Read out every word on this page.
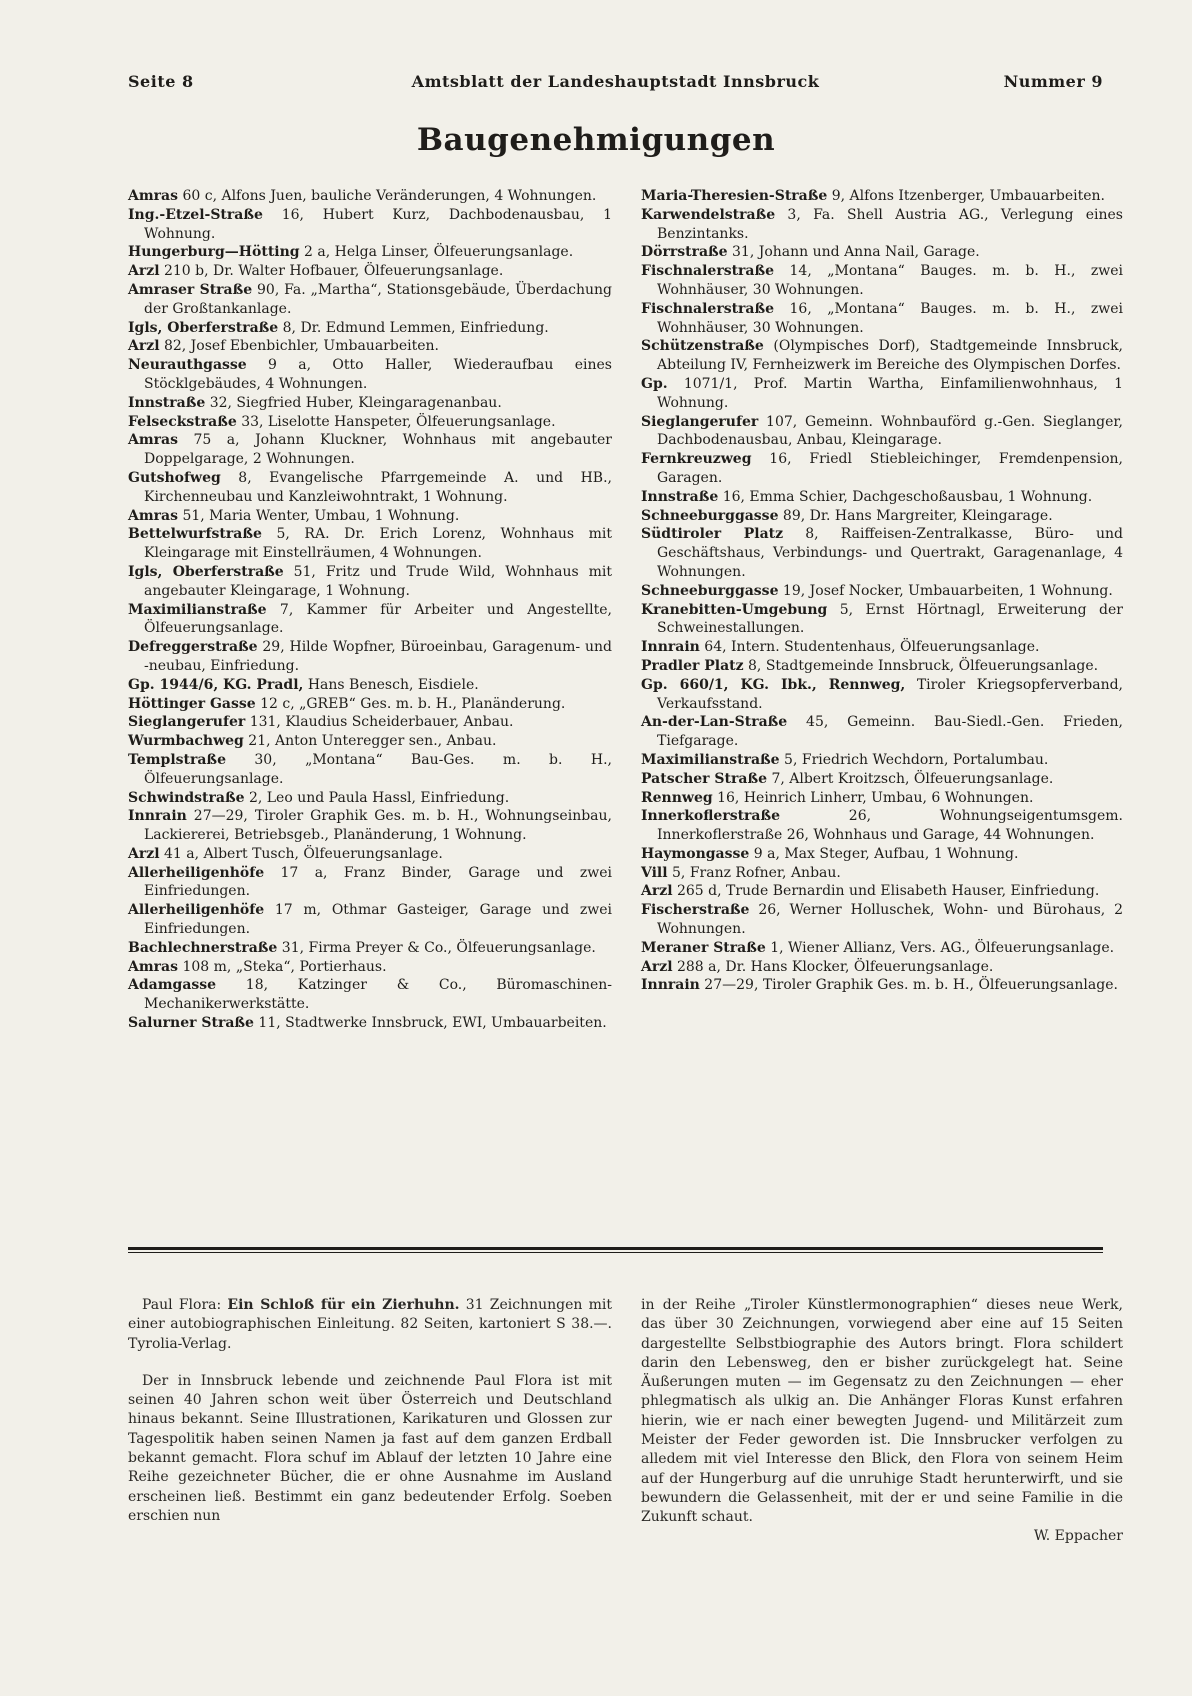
Seite 8	Amtsblatt der Landeshauptstadt Innsbruck	Nummer 9
Baugenehmigungen

Amras 60 c, Alfons Juen, bauliche Veränderungen, 4 Wohnungen.

Ing.-Etzel-Straße 16, Hubert Kurz, Dachbodenausbau, 1 Wohnung.

Hungerburg—Hötting 2 a, Helga Linser, Ölfeuerungsanlage.

Arzl 210 b, Dr. Walter Hofbauer, Ölfeuerungsanlage.

Amraser Straße 90, Fa. „Martha“, Stationsgebäude, Überdachung der Großtankanlage.

Igls, Oberferstraße 8, Dr. Edmund Lemmen, Einfriedung.

Arzl 82, Josef Ebenbichler, Umbauarbeiten.

Neurauthgasse 9 a, Otto Haller, Wiederaufbau eines Stöcklgebäudes, 4 Wohnungen.

Innstraße 32, Siegfried Huber, Kleingaragenanbau.

Felseckstraße 33, Liselotte Hanspeter, Ölfeuerungsanlage.

Amras 75 a, Johann Kluckner, Wohnhaus mit angebauter Doppelgarage, 2 Wohnungen.

Gutshofweg 8, Evangelische Pfarrgemeinde A. und HB., Kirchenneubau und Kanzleiwohntrakt, 1 Wohnung.

Amras 51, Maria Wenter, Umbau, 1 Wohnung.

Bettelwurfstraße 5, RA. Dr. Erich Lorenz, Wohnhaus mit Kleingarage mit Einstellräumen, 4 Wohnungen.

Igls, Oberferstraße 51, Fritz und Trude Wild, Wohnhaus mit angebauter Kleingarage, 1 Wohnung.

Maximilianstraße 7, Kammer für Arbeiter und Angestellte, Ölfeuerungsanlage.

Defreggerstraße 29, Hilde Wopfner, Büroeinbau, Garagenum- und -neubau, Einfriedung.

Gp. 1944/6, KG. Pradl, Hans Benesch, Eisdiele.

Höttinger Gasse 12 c, „GREB“ Ges. m. b. H., Planänderung.

Sieglangerufer 131, Klaudius Scheiderbauer, Anbau.

Wurmbachweg 21, Anton Unteregger sen., Anbau.

Templstraße 30, „Montana“ Bau-Ges. m. b. H., Ölfeuerungsanlage.

Schwindstraße 2, Leo und Paula Hassl, Einfriedung.

Innrain 27—29, Tiroler Graphik Ges. m. b. H., Wohnungseinbau, Lackiererei, Betriebsgeb., Planänderung, 1 Wohnung.

Arzl 41 a, Albert Tusch, Ölfeuerungsanlage.

Allerheiligenhöfe 17 a, Franz Binder, Garage und zwei Einfriedungen.

Allerheiligenhöfe 17 m, Othmar Gasteiger, Garage und zwei Einfriedungen.

Bachlechnerstraße 31, Firma Preyer & Co., Ölfeuerungsanlage.

Amras 108 m, „Steka“, Portierhaus.

Adamgasse 18, Katzinger & Co., Büromaschinen-Mechanikerwerkstätte.

Salurner Straße 11, Stadtwerke Innsbruck, EWI, Umbauarbeiten.

Maria-Theresien-Straße 9, Alfons Itzenberger, Umbauarbeiten.

Karwendelstraße 3, Fa. Shell Austria AG., Verlegung eines Benzintanks.

Dörrstraße 31, Johann und Anna Nail, Garage.

Fischnalerstraße 14, „Montana“ Bauges. m. b. H., zwei Wohnhäuser, 30 Wohnungen.

Fischnalerstraße 16, „Montana“ Bauges. m. b. H., zwei Wohnhäuser, 30 Wohnungen.

Schützenstraße (Olympisches Dorf), Stadtgemeinde Innsbruck, Abteilung IV, Fernheizwerk im Bereiche des Olympischen Dorfes.

Gp. 1071/1, Prof. Martin Wartha, Einfamilienwohnhaus, 1 Wohnung.

Sieglangerufer 107, Gemeinn. Wohnbauförd g.-Gen. Sieglanger, Dachbodenausbau, Anbau, Kleingarage.

Fernkreuzweg 16, Friedl Stiebleichinger, Fremdenpension, Garagen.

Innstraße 16, Emma Schier, Dachgeschoßausbau, 1 Wohnung.

Schneeburggasse 89, Dr. Hans Margreiter, Kleingarage.

Südtiroler Platz 8, Raiffeisen-Zentralkasse, Büro- und Geschäftshaus, Verbindungs- und Quertrakt, Garagenanlage, 4 Wohnungen.

Schneeburggasse 19, Josef Nocker, Umbauarbeiten, 1 Wohnung.

Kranebitten-Umgebung 5, Ernst Hörtnagl, Erweiterung der Schweinestallungen.

Innrain 64, Intern. Studentenhaus, Ölfeuerungsanlage.

Pradler Platz 8, Stadtgemeinde Innsbruck, Ölfeuerungsanlage.

Gp. 660/1, KG. Ibk., Rennweg, Tiroler Kriegsopferverband, Verkaufsstand.

An-der-Lan-Straße 45, Gemeinn. Bau-Siedl.-Gen. Frieden, Tiefgarage.

Maximilianstraße 5, Friedrich Wechdorn, Portalumbau.

Patscher Straße 7, Albert Kroitzsch, Ölfeuerungsanlage.

Rennweg 16, Heinrich Linherr, Umbau, 6 Wohnungen.

Innerkoflerstraße 26, Wohnungseigentumsgem. Innerkoflerstraße 26, Wohnhaus und Garage, 44 Wohnungen.

Haymongasse 9 a, Max Steger, Aufbau, 1 Wohnung.

Vill 5, Franz Rofner, Anbau.

Arzl 265 d, Trude Bernardin und Elisabeth Hauser, Einfriedung.

Fischerstraße 26, Werner Holluschek, Wohn- und Bürohaus, 2 Wohnungen.

Meraner Straße 1, Wiener Allianz, Vers. AG., Ölfeuerungsanlage.

Arzl 288 a, Dr. Hans Klocker, Ölfeuerungsanlage.

Innrain 27—29, Tiroler Graphik Ges. m. b. H., Ölfeuerungsanlage.

Paul Flora: Ein Schloß für ein Zierhuhn. 31 Zeichnungen mit einer autobiographischen Einleitung. 82 Seiten, kartoniert S 38.—. Tyrolia-Verlag.

Der in Innsbruck lebende und zeichnende Paul Flora ist mit seinen 40 Jahren schon weit über Österreich und Deutschland hinaus bekannt. Seine Illustrationen, Karikaturen und Glossen zur Tagespolitik haben seinen Namen ja fast auf dem ganzen Erdball bekannt gemacht. Flora schuf im Ablauf der letzten 10 Jahre eine Reihe gezeichneter Bücher, die er ohne Ausnahme im Ausland erscheinen ließ. Bestimmt ein ganz bedeutender Erfolg. Soeben erschien nun

in der Reihe „Tiroler Künstlermonographien“ dieses neue Werk, das über 30 Zeichnungen, vorwiegend aber eine auf 15 Seiten dargestellte Selbstbiographie des Autors bringt. Flora schildert darin den Lebensweg, den er bisher zurückgelegt hat. Seine Äußerungen muten — im Gegensatz zu den Zeichnungen — eher phlegmatisch als ulkig an. Die Anhänger Floras Kunst erfahren hierin, wie er nach einer bewegten Jugend- und Militärzeit zum Meister der Feder geworden ist. Die Innsbrucker verfolgen zu alledem mit viel Interesse den Blick, den Flora von seinem Heim auf der Hungerburg auf die unruhige Stadt herunterwirft, und sie bewundern die Gelassenheit, mit der er und seine Familie in die Zukunft schaut.

W. Eppacher
